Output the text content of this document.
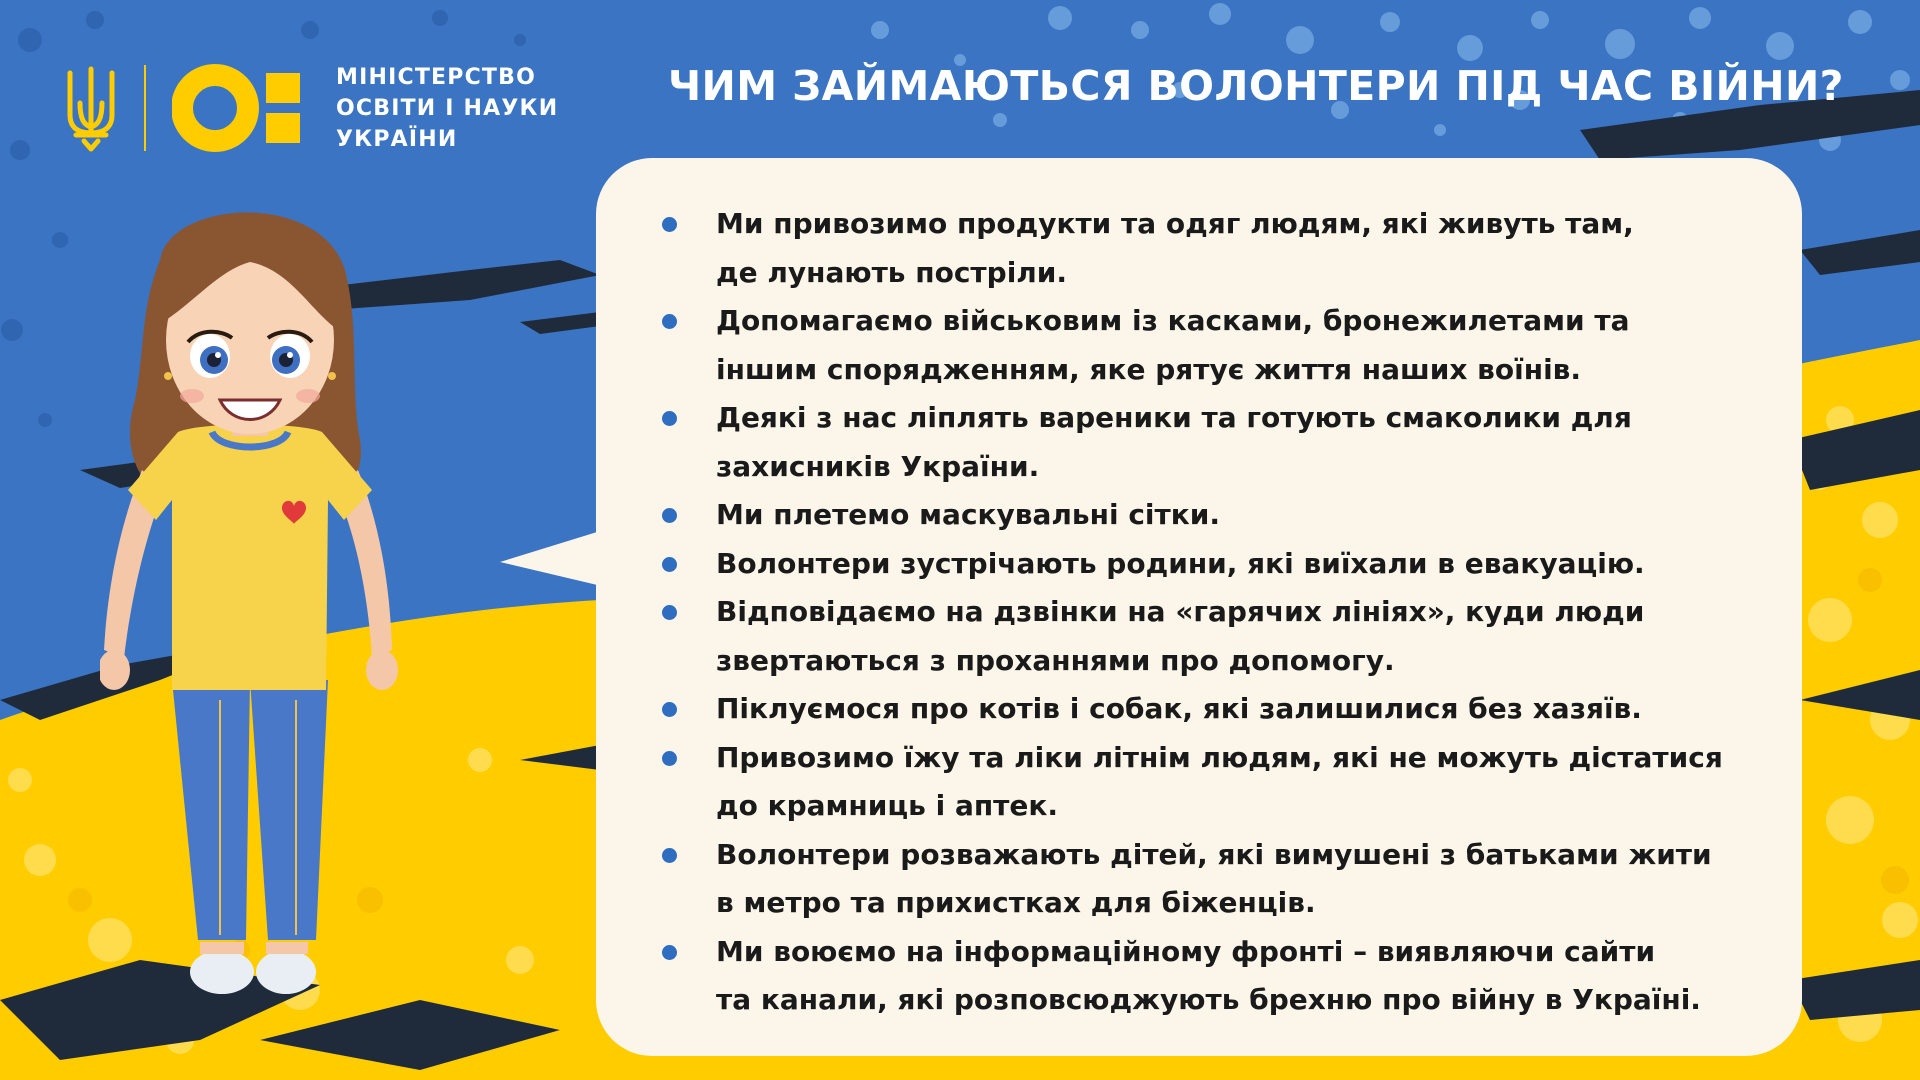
МІНІСТЕРСТВО
ОСВІТИ І НАУКИ
УКРАЇНИ
ЧИМ ЗАЙМАЮТЬСЯ ВОЛОНТЕРИ ПІД ЧАС ВІЙНИ?
Ми привозимо продукти та одяг людям, які живуть там,
де лунають постріли.
Допомагаємо військовим із касками, бронежилетами та
іншим спорядженням, яке рятує життя наших воїнів.
Деякі з нас ліплять вареники та готують смаколики для
захисників України.
Ми плетемо маскувальні сітки.
Волонтери зустрічають родини, які виїхали в евакуацію.
Відповідаємо на дзвінки на «гарячих лініях», куди люди
звертаються з проханнями про допомогу.
Піклуємося про котів і собак, які залишилися без хазяїв.
Привозимо їжу та ліки літнім людям, які не можуть дістатися
до крамниць і аптек.
Волонтери розважають дітей, які вимушені з батьками жити
в метро та прихистках для біженців.
Ми воюємо на інформаційному фронті – виявляючи сайти
та канали, які розповсюджують брехню про війну в Україні.
